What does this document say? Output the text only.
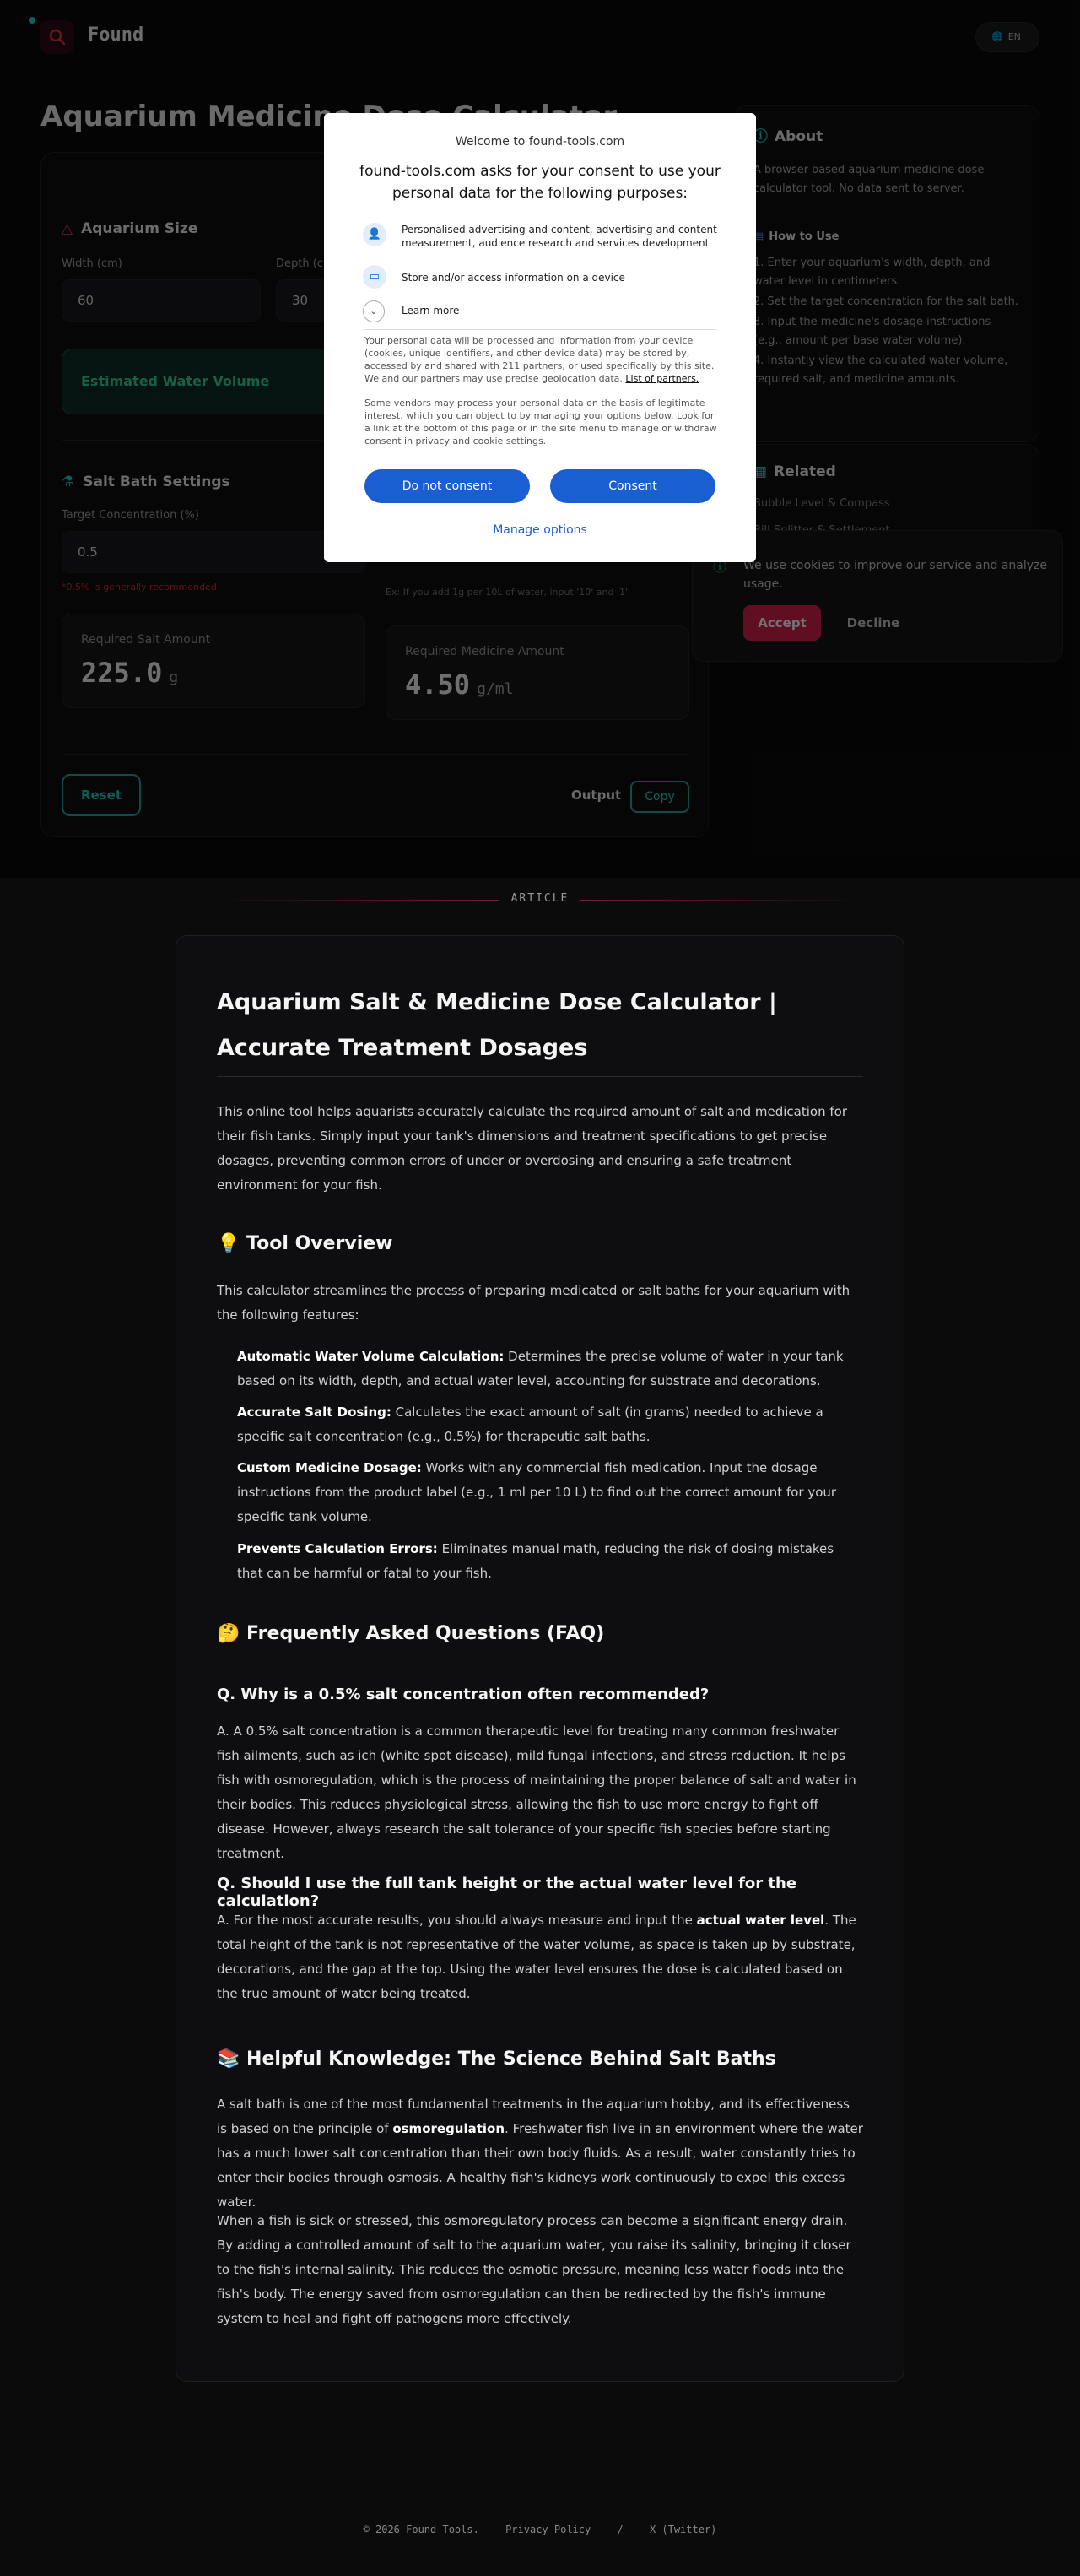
Welcome to found-tools.com
found-tools.com asks for your consent to use your personal data for the following purposes:
👤	Personalised advertising and content, advertising and content measurement, audience research and services development
▭	Store and/or access information on a device
⌄	Learn more
Your personal data will be processed and information from your device (cookies, unique identifiers, and other device data) may be stored by, accessed by and shared with 211 partners, or used specifically by this site. We and our partners may use precise geolocation data. List of partners.
Some vendors may process your personal data on the basis of legitimate interest, which you can object to by managing your options below. Look for a link at the bottom of this page or in the site menu to manage or withdraw consent in privacy and cookie settings.
Do not consent	Consent
Manage options
ARTICLE
Aquarium Salt & Medicine Dose Calculator | Accurate Treatment Dosages
This online tool helps aquarists accurately calculate the required amount of salt and medication for their fish tanks. Simply input your tank's dimensions and treatment specifications to get precise dosages, preventing common errors of under or overdosing and ensuring a safe treatment environment for your fish.
💡 Tool Overview
This calculator streamlines the process of preparing medicated or salt baths for your aquarium with the following features:
Automatic Water Volume Calculation: Determines the precise volume of water in your tank based on its width, depth, and actual water level, accounting for substrate and decorations.
Accurate Salt Dosing: Calculates the exact amount of salt (in grams) needed to achieve a specific salt concentration (e.g., 0.5%) for therapeutic salt baths.
Custom Medicine Dosage: Works with any commercial fish medication. Input the dosage instructions from the product label (e.g., 1 ml per 10 L) to find out the correct amount for your specific tank volume.
Prevents Calculation Errors: Eliminates manual math, reducing the risk of dosing mistakes that can be harmful or fatal to your fish.
🤔 Frequently Asked Questions (FAQ)
Q. Why is a 0.5% salt concentration often recommended?
A. A 0.5% salt concentration is a common therapeutic level for treating many common freshwater fish ailments, such as ich (white spot disease), mild fungal infections, and stress reduction. It helps fish with osmoregulation, which is the process of maintaining the proper balance of salt and water in their bodies. This reduces physiological stress, allowing the fish to use more energy to fight off disease. However, always research the salt tolerance of your specific fish species before starting treatment.
Q. Should I use the full tank height or the actual water level for the calculation?
A. For the most accurate results, you should always measure and input the actual water level. The total height of the tank is not representative of the water volume, as space is taken up by substrate, decorations, and the gap at the top. Using the water level ensures the dose is calculated based on the true amount of water being treated.
📚 Helpful Knowledge: The Science Behind Salt Baths
A salt bath is one of the most fundamental treatments in the aquarium hobby, and its effectiveness is based on the principle of osmoregulation. Freshwater fish live in an environment where the water has a much lower salt concentration than their own body fluids. As a result, water constantly tries to enter their bodies through osmosis. A healthy fish's kidneys work continuously to expel this excess water.
When a fish is sick or stressed, this osmoregulatory process can become a significant energy drain. By adding a controlled amount of salt to the aquarium water, you raise its salinity, bringing it closer to the fish's internal salinity. This reduces the osmotic pressure, meaning less water floods into the fish's body. The energy saved from osmoregulation can then be redirected by the fish's immune system to heal and fight off pathogens more effectively.
© 2026 Found Tools.	Privacy Policy	/	X (Twitter)
